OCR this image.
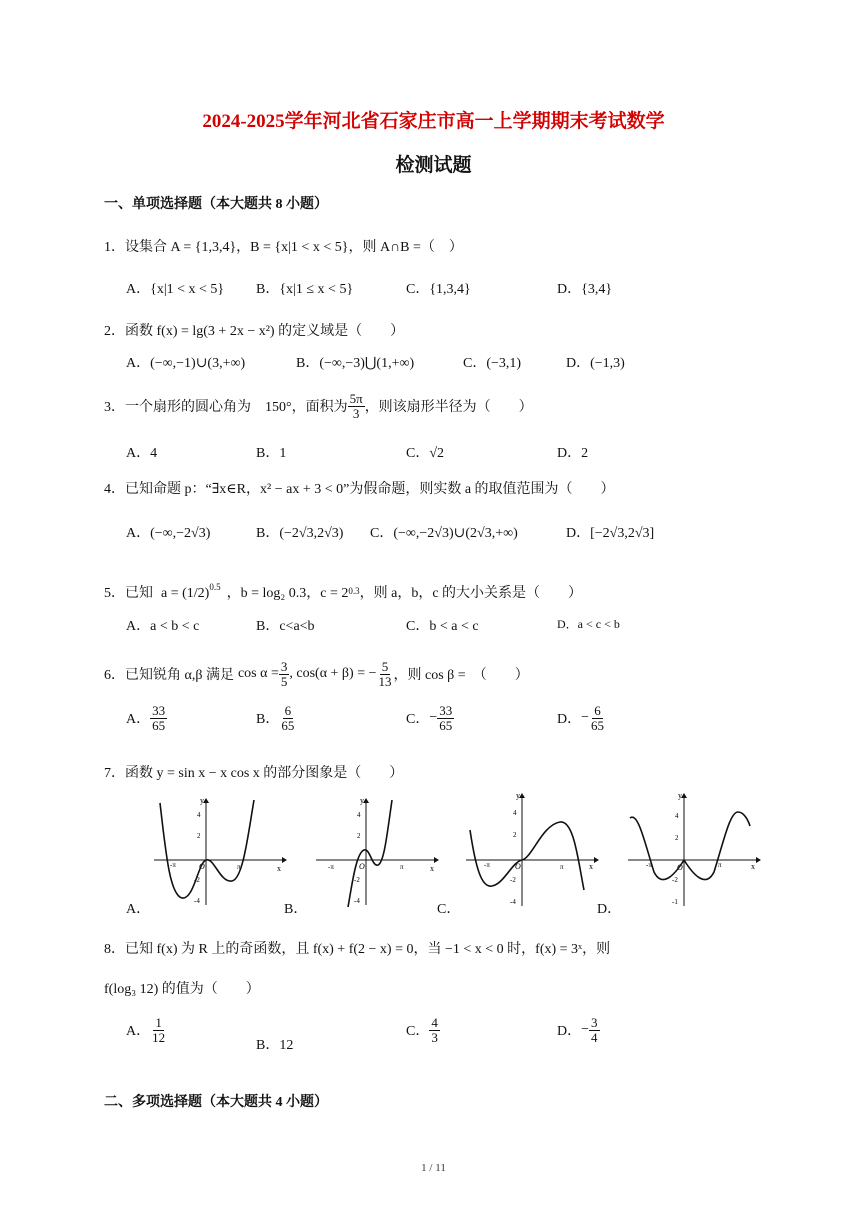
2024-2025学年河北省石家庄市高一上学期期末考试数学
检测试题
一、单项选择题（本大题共 8 小题）
1．设集合 A = {1,3,4}，B = {x|1 < x < 5}，则 A∩B =（　）
A．{x|1 < x < 5} B．{x|1 ≤ x < 5}	C．{1,3,4}	D．{3,4}
2．函数 f(x) = lg(3 + 2x − x²) 的定义域是（　　）
A．(−∞,−1)∪(3,+∞)	B．(−∞,−3)⋃(1,+∞)	C．(−3,1)	D．(−1,3)
3．一个扇形的圆心角为　150°，面积为 $\frac{5\pi}{3}$ ，则该扇形半径为（　　）
A．4	B．1	C．√2	D．2
4．已知命题 p：“∃x∈R，x² − ax + 3 < 0”为假命题，则实数 a 的取值范围为（　　）
A．(−∞,−2√3)	B．(−2√3,2√3) C．(−∞,−2√3)∪(2√3,+∞)	D．[−2√3,2√3]
5．已知 $a = (1/2)^{0.5}$ ，b = log₂ 0.3，$c = 2^{0.3}$ ，则 a，b，c 的大小关系是（　　）
A．a < b < c	B．c<a<b	C．b < a < c	D．a < c < b
6．已知锐角 α,β 满足 $\cos \alpha = \frac{3}{5}$ , cos(α + β) = − $\frac{5}{13}$ ，则 cos β =　（　　）
A． $\frac{33}{65}$	B． $\frac{6}{65}$	C． − $\frac{33}{65}$	D． − $\frac{6}{65}$
7．函数 y = sin x − x cos x 的部分图象是（　　）
y
x
4
2
-2
-4
O
-π	π
y
x
4
2
-2
-4
O
-π	π
y
x
4
2
-2
-4
O
-π	π
y
x
4
2
-2
-1
O
-π	π
A．	B．	C．	D．
8．已知 f(x) 为 R 上的奇函数，且 f(x) + f(2 − x) = 0，当 −1 < x < 0 时，f(x) = 3ˣ，则
f(log₃ 12) 的值为（　　）
A． $\frac{1}{12}$
B．12
C． $\frac{4}{3}$	D． − $\frac{3}{4}$
二、多项选择题（本大题共 4 小题）
1 / 11
